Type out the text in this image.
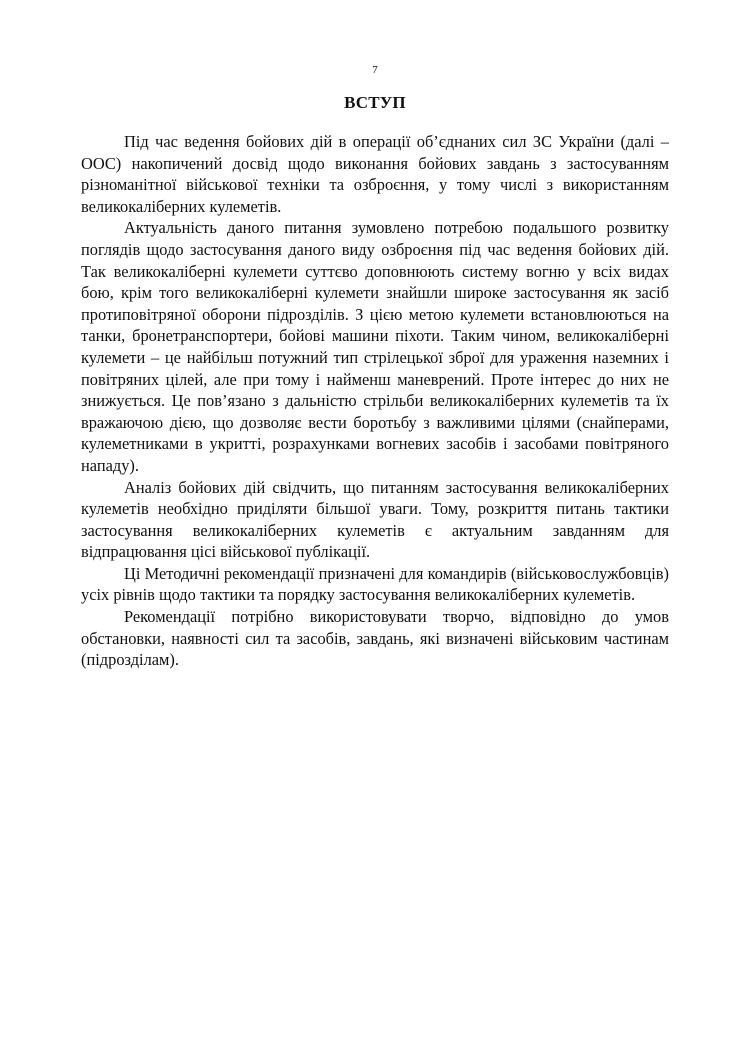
7
ВСТУП

Під час ведення бойових дій в операції об’єднаних сил ЗС України (далі – ООС) накопичений досвід щодо виконання бойових завдань з застосуванням різноманітної військової техніки та озброєння, у тому числі з використанням великокаліберних кулеметів.

Актуальність даного питання зумовлено потребою подальшого розвитку поглядів щодо застосування даного виду озброєння під час ведення бойових дій. Так великокаліберні кулемети суттєво доповнюють систему вогню у всіх видах бою, крім того великокаліберні кулемети знайшли широке застосування як засіб протиповітряної оборони підрозділів. З цією метою кулемети встановлюються на танки, бронетранспортери, бойові машини піхоти. Таким чином, великокаліберні кулемети – це найбільш потужний тип стрілецької зброї для ураження наземних і повітряних цілей, але при тому і найменш маневрений. Проте інтерес до них не знижується. Це пов’язано з дальністю стрільби великокаліберних кулеметів та їх вражаючою дією, що дозволяє вести боротьбу з важливими цілями (снайперами, кулеметниками в укритті, розрахунками вогневих засобів і засобами повітряного нападу).

Аналіз бойових дій свідчить, що питанням застосування великокаліберних кулеметів необхідно приділяти більшої уваги. Тому, розкриття питань тактики застосування великокаліберних кулеметів є актуальним завданням для відпрацювання цісі військової публікації.

Ці Методичні рекомендації призначені для командирів (військовослужбовців) усіх рівнів щодо тактики та порядку застосування великокаліберних кулеметів.

Рекомендації потрібно використовувати творчо, відповідно до умов обстановки, наявності сил та засобів, завдань, які визначені військовим частинам (підрозділам).
